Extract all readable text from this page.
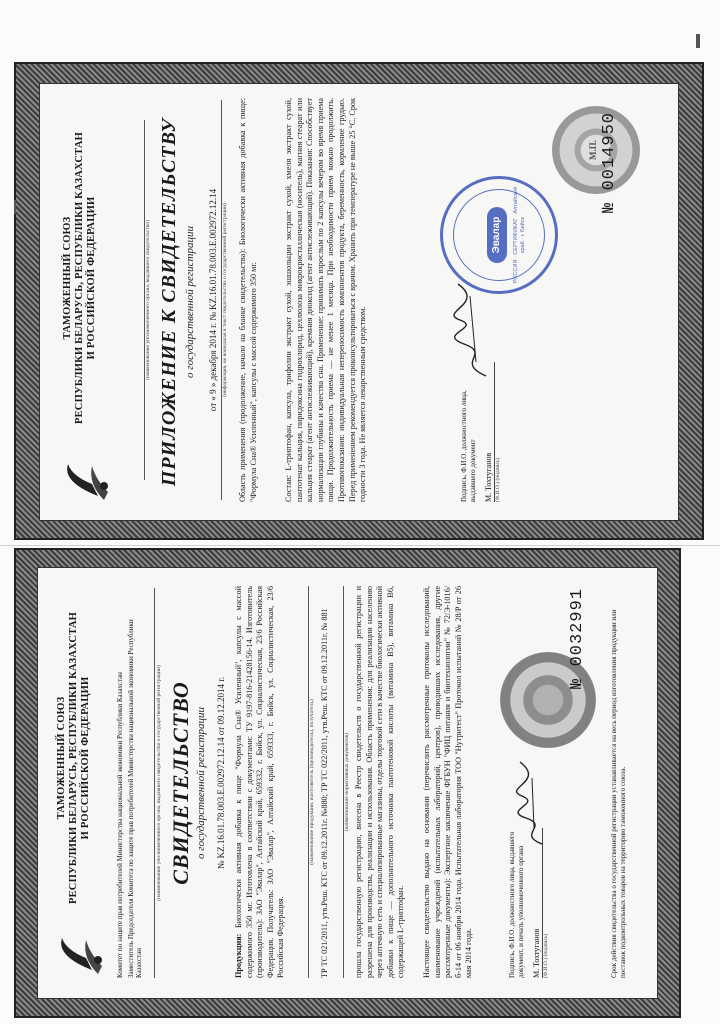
ТАМОЖЕННЫЙ СОЮЗ РЕСПУБЛИКИ БЕЛАРУСЬ, РЕСПУБЛИКИ КАЗАХСТАН И РОССИЙСКОЙ ФЕДЕРАЦИИ	Комитет по защите прав потребителей Министерства национальной экономики Республики Казахстан Заместитель Председателя Комитета по защите прав потребителей Министерства национальной экономики Республики Казахстан
(наименование уполномоченного органа, выдавшего свидетельство о государственной регистрации) СВИДЕТЕЛЬСТВО о государственной регистрации № KZ.16.01.78.003.Е.002972.12.14 от 09.12.2014 г.
Продукция: Биологически активная добавка к пище "Формула Сна® Усиленный", капсулы с массой содержимого 350 мг. Изготовлена в соответствии с документами: ТУ 9197-816-21428156-14. Изготовитель (производитель): ЗАО "Эвалар", Алтайский край, 659332, г. Бийск, ул. Социалистическая, 23/6 Российская Федерация. Получатель: ЗАО "Эвалар", Алтайский край, 659333, г. Бийск, ул. Социалистическая, 23/6 Российская Федерация.
(наименование продукции, изготовитель (производитель), получатель) ТР ТС 021/2011, утв.Реш. КТС от 09.12.2011г. №880; ТР ТС 022/2011, утв.Реш. КТС от 09.12.2011г. № 881	(наименование нормативных документов) прошла государственную регистрацию, внесена в Реестр свидетельств о государственной регистрации и разрешена для производства, реализации и использования. Область применения: для реализации населению через аптечную сеть и специализированные магазины, отделы торговой сети в качестве биологически активной добавки к пище — дополнительного источника пантотеновой кислоты (витамина В5), витамина В6, содержащей L-триптофан. Настоящее свидетельство выдано на основании (перечислить рассмотренные протоколы исследований, наименование учреждений (испытательных лабораторий, центров), проводивших исследования, другие рассмотренные документы): Экспертное заключение ФГБУН "ФИЦ питания и биотехнологии" № 72/Э-1016/б-14 от 06 ноября 2014 года. Испытательная лаборатория ТОО "Нутритест" Протокол испытаний № 28/Р от 26 мая 2014 года.	Подпись, Ф.И.О. должностного лица, выдавшего документ, и печать уполномоченного органа М. Тохтуганов (Ф.И.О.) (подпись)	Срок действия свидетельства о государственной регистрации устанавливается на весь период изготовления продукции или поставок подконтрольных товаров на территорию таможенного союза.
№ 0032991
ТАМОЖЕННЫЙ СОЮЗ РЕСПУБЛИКИ БЕЛАРУСЬ, РЕСПУБЛИКИ КАЗАХСТАН И РОССИЙСКОЙ ФЕДЕРАЦИИ	(наименование уполномоченного органа, выдавшего свидетельство) ПРИЛОЖЕНИЕ К СВИДЕТЕЛЬСТВУ о государственной регистрации от « 9 » декабря 2014 г. № KZ.16.01.78.003.Е.002972.12.14 (информация, не вошедшая в текст свидетельства о государственной регистрации) Область применения (продолжение, начало на бланке свидетельства): Биологически активная добавка к пище: "Формула Сна® Усиленный", капсулы с массой содержимого 350 мг.	Состав: L-триптофан, капсула, трифолии экстракт сухой, эшшольции экстракт сухой, хмеля экстракт сухой, пантотенат кальция, пиридоксина гидрохлорид, целлюлоза микрокристаллическая (носитель), магния стеарат или кальция стеарат (агент антислеживающий), кремния диоксид (агент антислеживающий). Показания: Способствует нормализации глубины и качества сна. Применение: принимать взрослым по 2 капсулы вечером во время приема пищи. Продолжительность приема — не менее 1 месяца. При необходимости прием можно продолжить. Противопоказания: индивидуальная непереносимость компонентов продукта, беременность, кормление грудью. Перед применением рекомендуется проконсультироваться с врачом. Хранить при температуре не выше 25 °С. Срок годности 3 года. Не является лекарственным средством.	Подпись, Ф.И.О. должностного лица, выдавшего документ М. Тохтуганов (Ф.И.О.) (подпись)
Эвалар	РОССИЯ · СЕРТИФИКАТ · Алтайский край · г. Бийск
М.П. № 0014950
